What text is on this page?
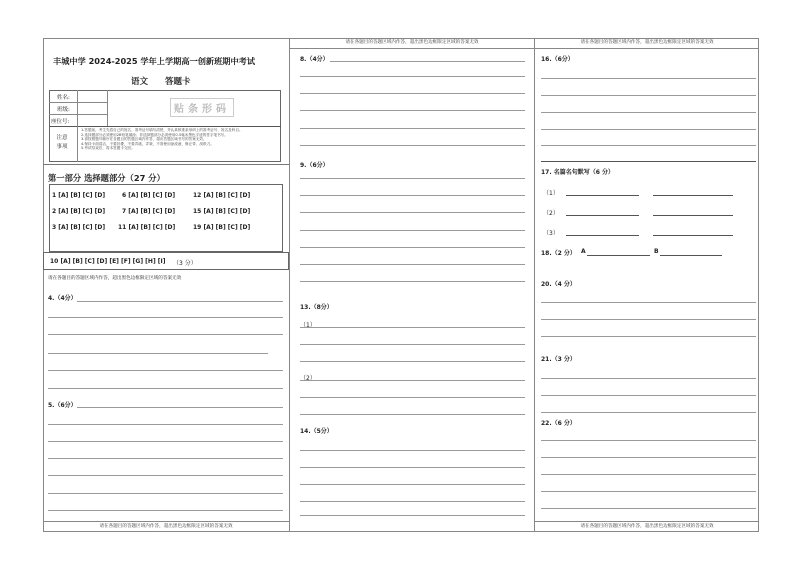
丰城中学 2024-2025 学年上学期高一创新班期中考试
语文 答题卡
姓名:
班级:
座位号:
贴条形码
注意事项
1.答题前，考生先将自己的姓名、准考证号填写清楚，并认真核准条形码上的准考证号、姓名及科目。
2.选择题部分必须使用2B铅笔填涂；非选择题部分必须使用0.5毫米黑色字迹的签字笔书写。
3.请按照题号顺序在各题目的答题区域内作答，超出答题区域书写的答案无效。
4.保持卡面清洁，不要折叠，不要弄破、弄皱，不准使用涂改液、修正带、刮纸刀。
5.考试结束后，将本答题卡交回。
第一部分 选择题部分（27 分）
1 [A] [B] [C] [D]	6 [A] [B] [C] [D]	12 [A] [B] [C] [D]
2 [A] [B] [C] [D]	7 [A] [B] [C] [D]	15 [A] [B] [C] [D]
3 [A] [B] [C] [D] 11 [A] [B] [C] [D]	19 [A] [B] [C] [D]
10 [A] [B] [C] [D] [E] [F] [G] [H] [I] （3 分）
请在各题目的答题区域内作答，超出黑色边框限定区域的答案无效
4.（4分）
5.（6分）
请在各题目的答题区域内作答，超出黑色边框限定区域的答案无效
请在各题目的答题区域内作答，超出黑色边框限定区域的答案无效
8.（4分）
9.（6分）
13.（8分）
（1）
（2）
14.（5分）
请在各题目的答题区域内作答，超出黑色边框限定区域的答案无效
16.（6分）
17. 名篇名句默写（6 分）
（1）
（2）
（3）
18.（2 分） A	B
20.（4 分）
21.（3 分）
22.（6 分）
请在各题目的答题区域内作答，超出黑色边框限定区域的答案无效
